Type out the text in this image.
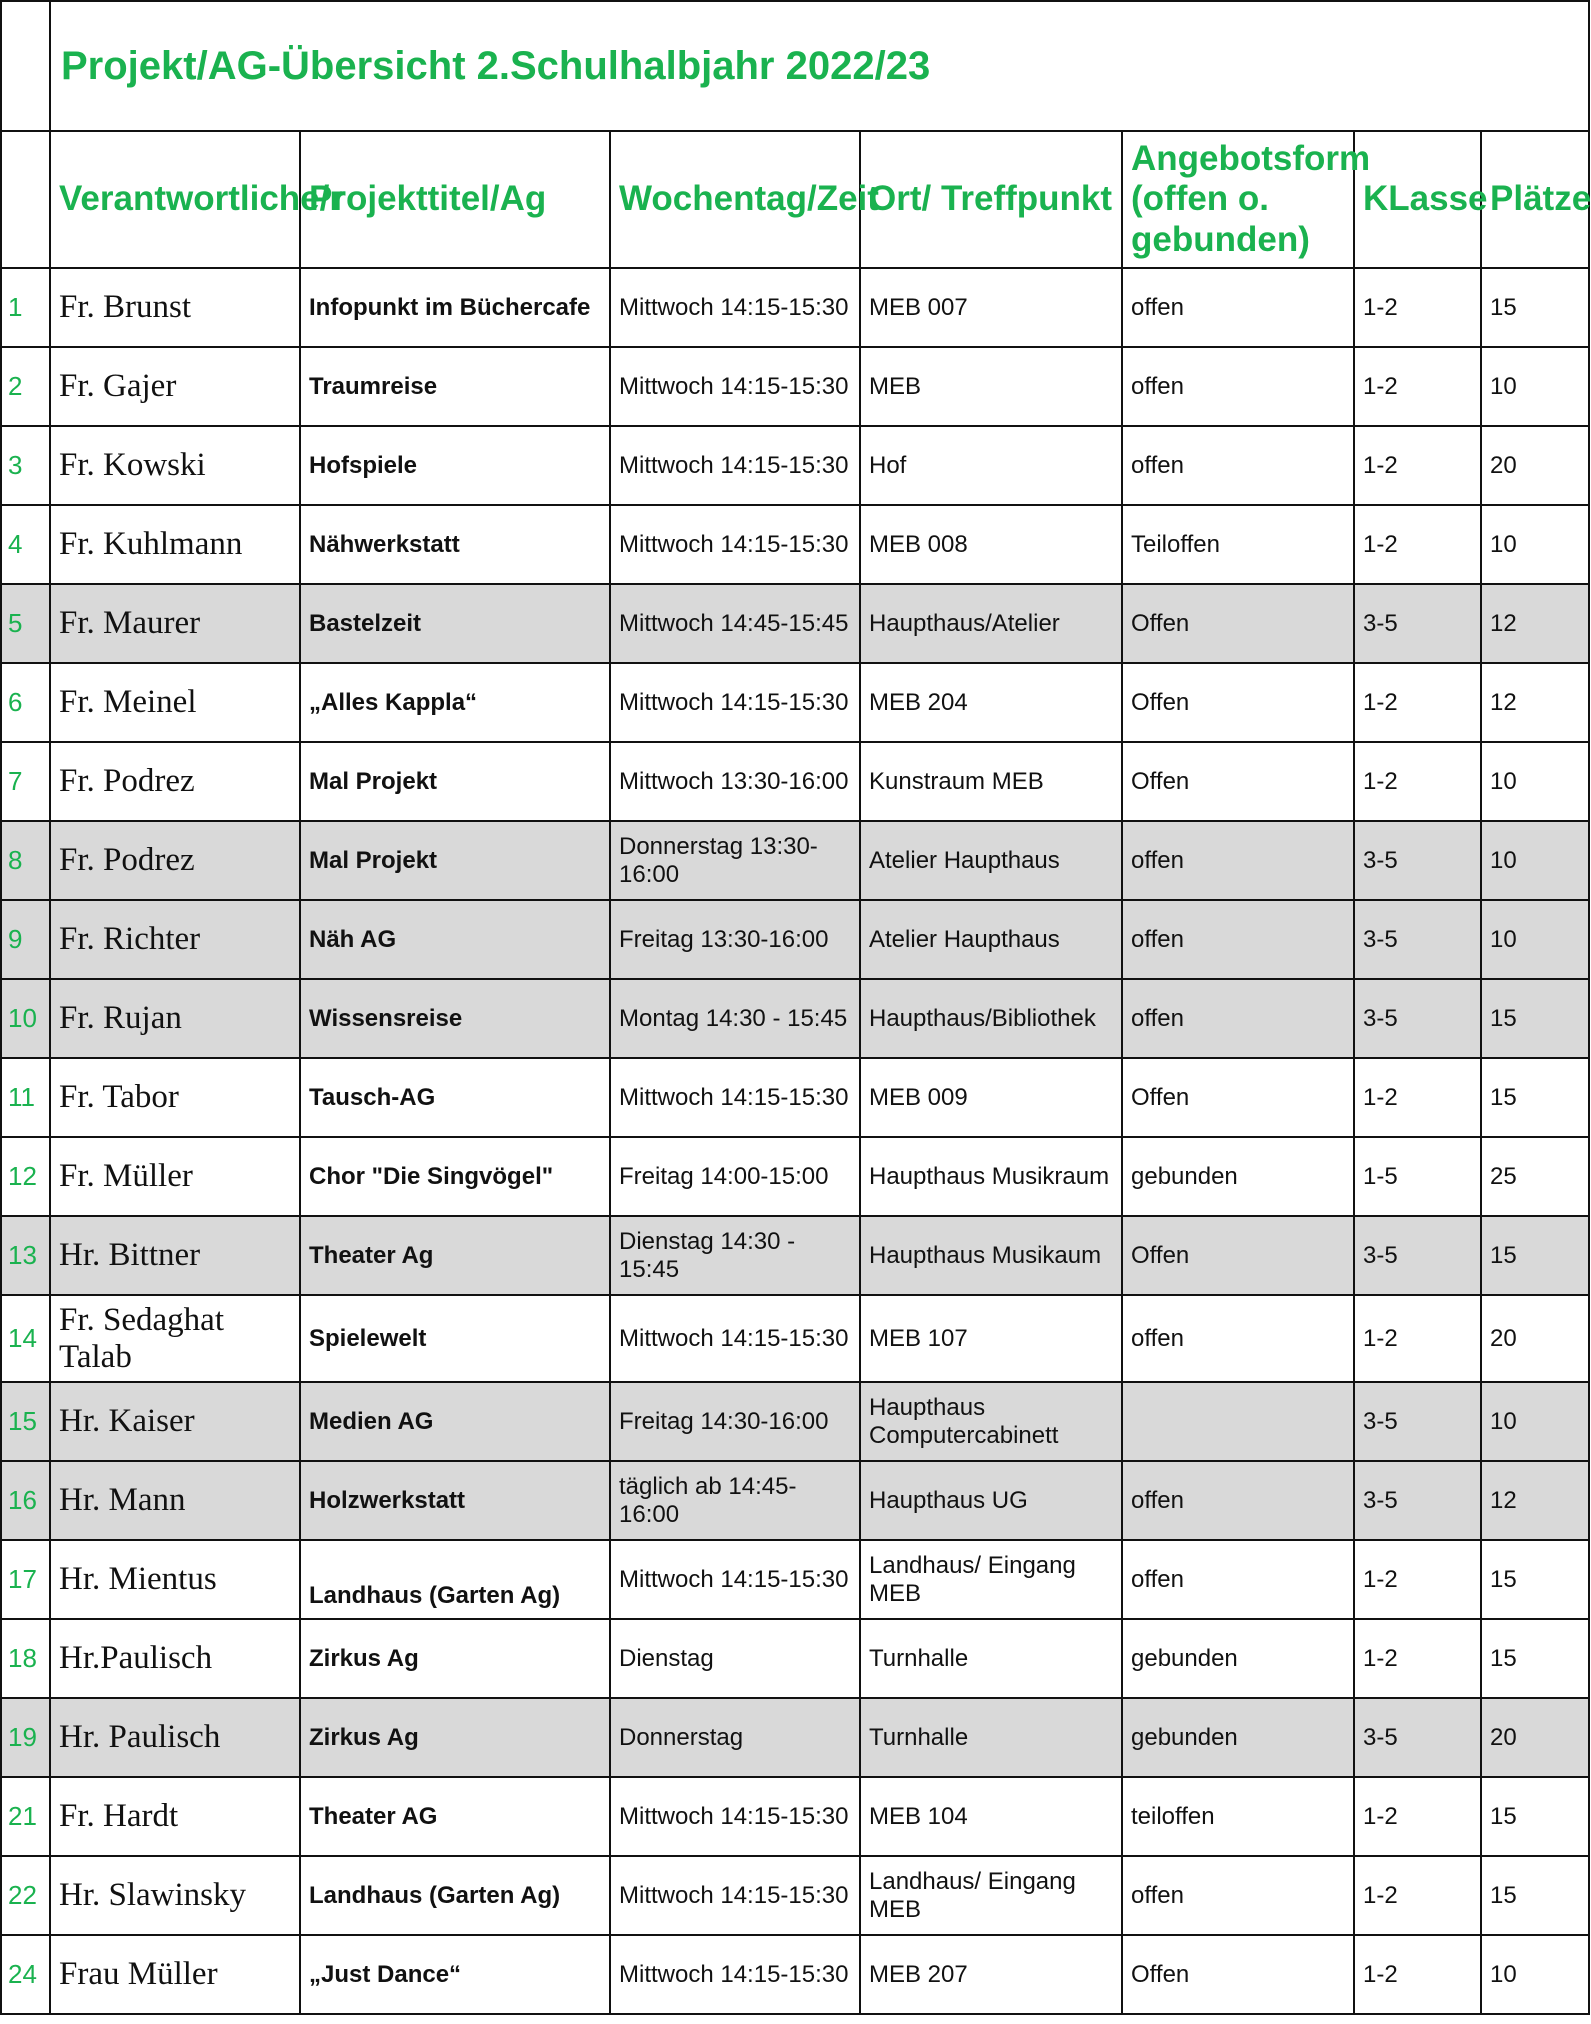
	Projekt/AG-Übersicht 2.Schulhalbjahr 2022/23						
	Verantwortliche/r	Projekttitel/Ag	Wochentag/Zeit	Ort/ Treffpunkt	Angebotsform (offen o. gebunden)	KLasse	Plätze
1	Fr. Brunst	Infopunkt im Büchercafe	Mittwoch 14:15-15:30	MEB 007	offen	1-2	15
2	Fr. Gajer	Traumreise	Mittwoch 14:15-15:30	MEB	offen	1-2	10
3	Fr. Kowski	Hofspiele	Mittwoch 14:15-15:30	Hof	offen	1-2	20
4	Fr. Kuhlmann	Nähwerkstatt	Mittwoch 14:15-15:30	MEB 008	Teiloffen	1-2	10
5	Fr. Maurer	Bastelzeit	Mittwoch 14:45-15:45	Haupthaus/Atelier	Offen	3-5	12
6	Fr. Meinel	„Alles Kappla“	Mittwoch 14:15-15:30	MEB 204	Offen	1-2	12
7	Fr. Podrez	Mal Projekt	Mittwoch 13:30-16:00	Kunstraum MEB	Offen	1-2	10
8	Fr. Podrez	Mal Projekt	Donnerstag 13:30-16:00	Atelier Haupthaus	offen	3-5	10
9	Fr. Richter	Näh AG	Freitag 13:30-16:00	Atelier Haupthaus	offen	3-5	10
10	Fr. Rujan	Wissensreise	Montag 14:30 - 15:45	Haupthaus/Bibliothek	offen	3-5	15
11	Fr. Tabor	Tausch-AG	Mittwoch 14:15-15:30	MEB 009	Offen	1-2	15
12	Fr. Müller	Chor "Die Singvögel"	Freitag 14:00-15:00	Haupthaus Musikraum	gebunden	1-5	25
13	Hr. Bittner	Theater Ag	Dienstag 14:30 - 15:45	Haupthaus Musikaum	Offen	3-5	15
14	Fr. Sedaghat Talab	Spielewelt	Mittwoch 14:15-15:30	MEB 107	offen	1-2	20
15	Hr. Kaiser	Medien AG	Freitag 14:30-16:00	Haupthaus Computercabinett		3-5	10
16	Hr. Mann	Holzwerkstatt	täglich ab 14:45-16:00	Haupthaus UG	offen	3-5	12
17	Hr. Mientus	Landhaus (Garten Ag)	Mittwoch 14:15-15:30	Landhaus/ Eingang MEB	offen	1-2	15
18	Hr.Paulisch	Zirkus Ag	Dienstag	Turnhalle	gebunden	1-2	15
19	Hr. Paulisch	Zirkus Ag	Donnerstag	Turnhalle	gebunden	3-5	20
21	Fr. Hardt	Theater AG	Mittwoch 14:15-15:30	MEB 104	teiloffen	1-2	15
22	Hr. Slawinsky	Landhaus (Garten Ag)	Mittwoch 14:15-15:30	Landhaus/ Eingang MEB	offen	1-2	15
24	Frau Müller	„Just Dance“	Mittwoch 14:15-15:30	MEB 207	Offen	1-2	10
